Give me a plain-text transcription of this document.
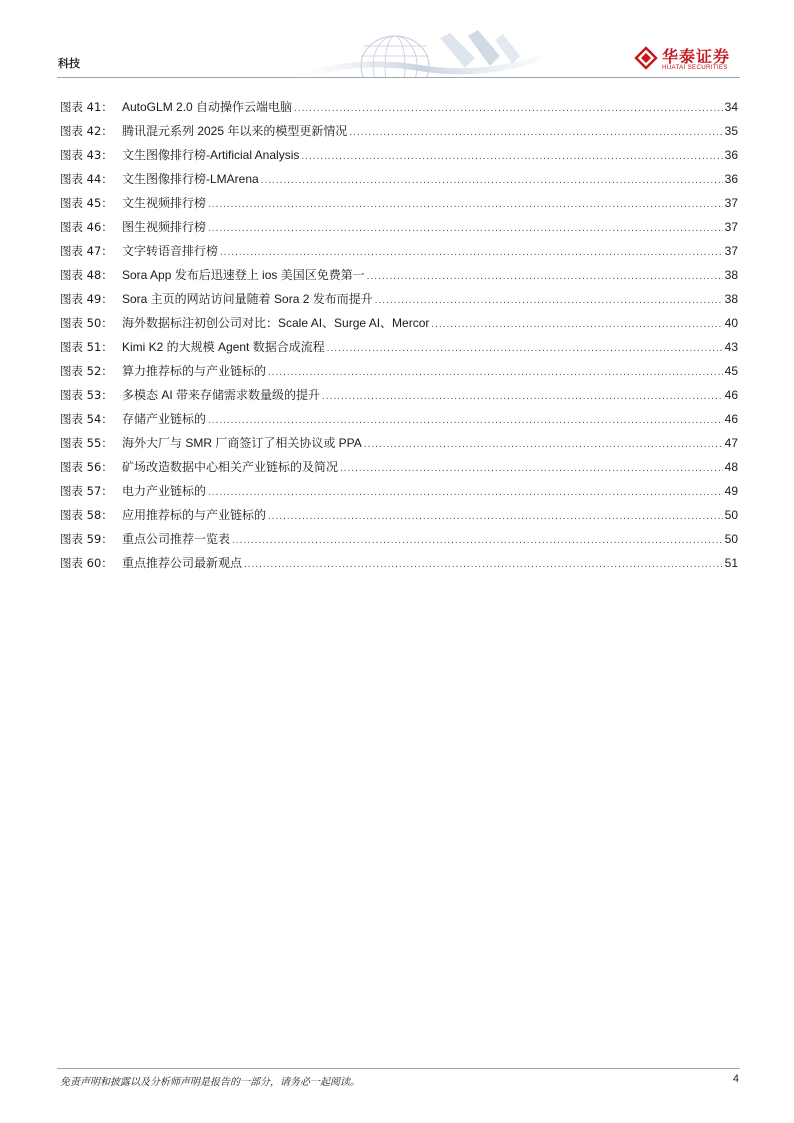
科技	华泰证券
HUATAI SECURITIES
图表 41： AutoGLM 2.0 自动操作云端电脑 .....	34
图表 42： 腾讯混元系列 2025 年以来的模型更新情况 .....	35
图表 43： 文生图像排行榜-Artificial Analysis .....	36
图表 44： 文生图像排行榜-LMArena .....	36
图表 45： 文生视频排行榜 .....	37
图表 46： 图生视频排行榜 .....	37
图表 47： 文字转语音排行榜 .....	37
图表 48： Sora App 发布后迅速登上 ios 美国区免费第一 .....	38
图表 49： Sora 主页的网站访问量随着 Sora 2 发布而提升 .....	38
图表 50： 海外数据标注初创公司对比：Scale AI、Surge AI、Mercor .....	40
图表 51： Kimi K2 的大规模 Agent 数据合成流程 .....	43
图表 52： 算力推荐标的与产业链标的 .....	45
图表 53： 多模态 AI 带来存储需求数量级的提升 .....	46
图表 54： 存储产业链标的 .....	46
图表 55： 海外大厂与 SMR 厂商签订了相关协议或 PPA .....	47
图表 56： 矿场改造数据中心相关产业链标的及简况 .....	48
图表 57： 电力产业链标的 .....	49
图表 58： 应用推荐标的与产业链标的 .....	50
图表 59： 重点公司推荐一览表 .....	50
图表 60： 重点推荐公司最新观点 .....	51
免责声明和披露以及分析师声明是报告的一部分，请务必一起阅读。	4
